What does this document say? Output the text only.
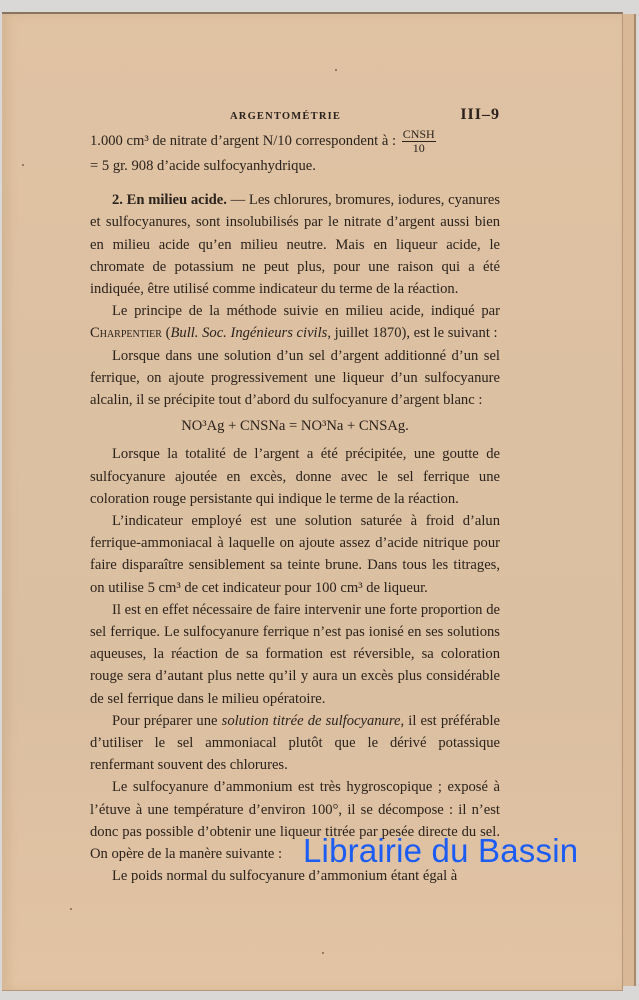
ARGENTOMÉTRIE	III–9

1.000 cm³ de nitrate d’argent N/10 correspondent à : $\frac{\text{CNSH}}{10}$
= 5 gr. 908 d’acide sulfocyanhydrique.

2. En milieu acide. — Les chlorures, bromures, iodures, cyanures et sulfocyanures, sont insolubilisés par le nitrate d’argent aussi bien en milieu acide qu’en milieu neutre. Mais en liqueur acide, le chromate de potassium ne peut plus, pour une raison qui a été indiquée, être utilisé comme indicateur du terme de la réaction.

Le principe de la méthode suivie en milieu acide, indiqué par Charpentier (Bull. Soc. Ingénieurs civils, juillet 1870), est le suivant :

Lorsque dans une solution d’un sel d’argent additionné d’un sel ferrique, on ajoute progressivement une liqueur d’un sulfocyanure alcalin, il se précipite tout d’abord du sulfocyanure d’argent blanc :

NO³Ag + CNSNa = NO³Na + CNSAg.

Lorsque la totalité de l’argent a été précipitée, une goutte de sulfocyanure ajoutée en excès, donne avec le sel ferrique une coloration rouge persistante qui indique le terme de la réaction.

L’indicateur employé est une solution saturée à froid d’alun ferrique-ammoniacal à laquelle on ajoute assez d’acide nitrique pour faire disparaître sensiblement sa teinte brune. Dans tous les titrages, on utilise 5 cm³ de cet indicateur pour 100 cm³ de liqueur.

Il est en effet nécessaire de faire intervenir une forte proportion de sel ferrique. Le sulfocyanure ferrique n’est pas ionisé en ses solutions aqueuses, la réaction de sa formation est réversible, sa coloration rouge sera d’autant plus nette qu’il y aura un excès plus considérable de sel ferrique dans le milieu opératoire.

Pour préparer une solution titrée de sulfocyanure, il est préférable d’utiliser le sel ammoniacal plutôt que le dérivé potassique renfermant souvent des chlorures.

Le sulfocyanure d’ammonium est très hygroscopique ; exposé à l’étuve à une température d’environ 100°, il se décompose : il n’est donc pas possible d’obtenir une liqueur titrée par pesée directe du sel. On opère de la manère suivante :

Le poids normal du sulfocyanure d’ammonium étant égal à

Librairie du Bassin
